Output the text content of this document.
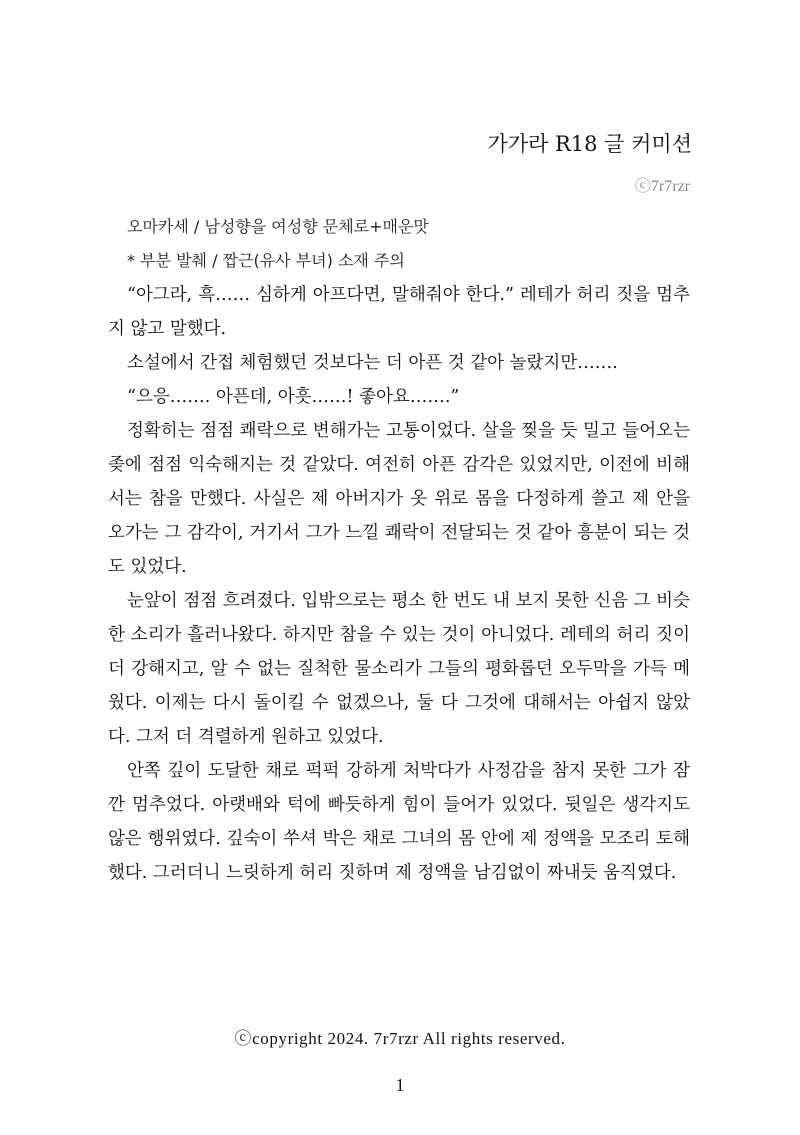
가가라 R18 글 커미션
ⓒ7r7rzr
오마카세 / 남성향을 여성향 문체로+매운맛
* 부분 발췌 / 짭근(유사 부녀) 소재 주의

“아그라, 흑…… 심하게 아프다면, 말해줘야 한다.” 레테가 허리 짓을 멈추지 않고 말했다.

소설에서 간접 체험했던 것보다는 더 아픈 것 같아 놀랐지만…….

“으응……. 아픈데, 아흣……! 좋아요…….”

정확히는 점점 쾌락으로 변해가는 고통이었다. 살을 찢을 듯 밀고 들어오는 좆에 점점 익숙해지는 것 같았다. 여전히 아픈 감각은 있었지만, 이전에 비해서는 참을 만했다. 사실은 제 아버지가 옷 위로 몸을 다정하게 쓸고 제 안을 오가는 그 감각이, 거기서 그가 느낄 쾌락이 전달되는 것 같아 흥분이 되는 것도 있었다.

눈앞이 점점 흐려졌다. 입밖으로는 평소 한 번도 내 보지 못한 신음 그 비슷한 소리가 흘러나왔다. 하지만 참을 수 있는 것이 아니었다. 레테의 허리 짓이 더 강해지고, 알 수 없는 질척한 물소리가 그들의 평화롭던 오두막을 가득 메웠다. 이제는 다시 돌이킬 수 없겠으나, 둘 다 그것에 대해서는 아쉽지 않았다. 그저 더 격렬하게 원하고 있었다.

안쪽 깊이 도달한 채로 퍽퍽 강하게 처박다가 사정감을 참지 못한 그가 잠깐 멈추었다. 아랫배와 턱에 빠듯하게 힘이 들어가 있었다. 뒷일은 생각지도 않은 행위였다. 깊숙이 쑤셔 박은 채로 그녀의 몸 안에 제 정액을 모조리 토해했다. 그러더니 느릿하게 허리 짓하며 제 정액을 남김없이 짜내듯 움직였다.

ⓒcopyright 2024. 7r7rzr All rights reserved.
1
